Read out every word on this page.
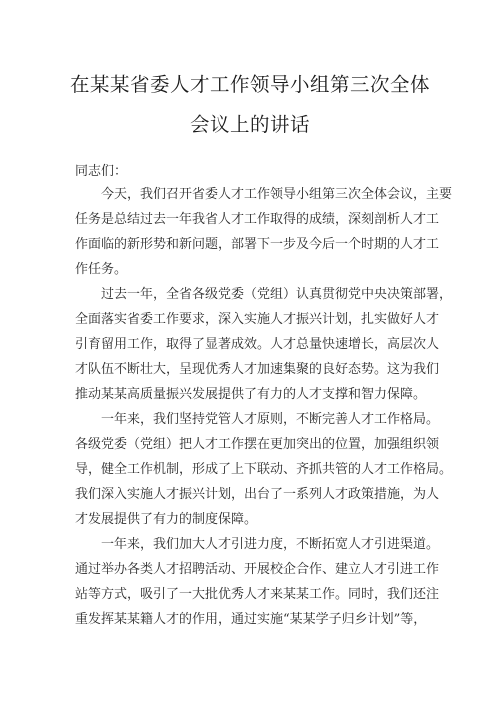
在某某省委人才工作领导小组第三次全体
会议上的讲话
同志们：
今天，我们召开省委人才工作领导小组第三次全体会议，主要
任务是总结过去一年我省人才工作取得的成绩，深刻剖析人才工
作面临的新形势和新问题，部署下一步及今后一个时期的人才工
作任务。
过去一年，全省各级党委（党组）认真贯彻党中央决策部署，
全面落实省委工作要求，深入实施人才振兴计划，扎实做好人才
引育留用工作，取得了显著成效。人才总量快速增长，高层次人
才队伍不断壮大，呈现优秀人才加速集聚的良好态势。这为我们
推动某某高质量振兴发展提供了有力的人才支撑和智力保障。
一年来，我们坚持党管人才原则，不断完善人才工作格局。
各级党委（党组）把人才工作摆在更加突出的位置，加强组织领
导，健全工作机制，形成了上下联动、齐抓共管的人才工作格局。
我们深入实施人才振兴计划，出台了一系列人才政策措施，为人
才发展提供了有力的制度保障。
一年来，我们加大人才引进力度，不断拓宽人才引进渠道。
通过举办各类人才招聘活动、开展校企合作、建立人才引进工作
站等方式，吸引了一大批优秀人才来某某工作。同时，我们还注
重发挥某某籍人才的作用，通过实施“某某学子归乡计划”等，
